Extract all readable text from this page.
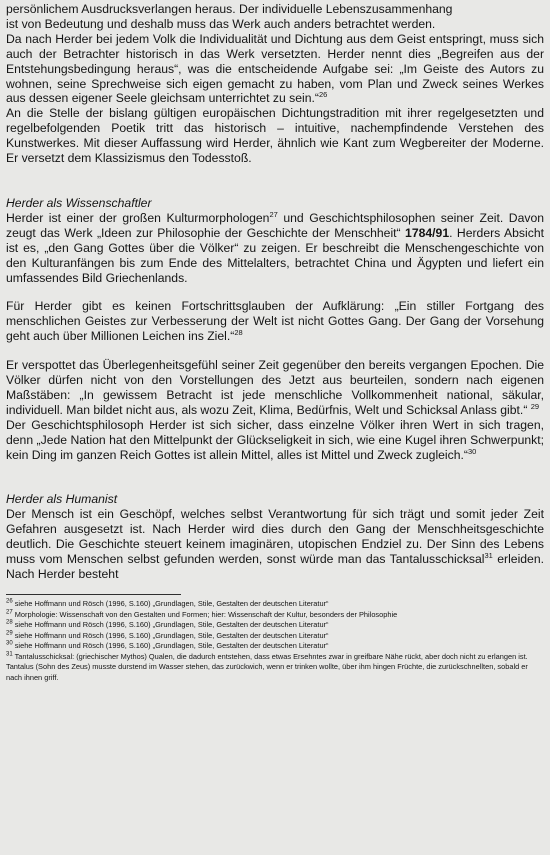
persönlichem Ausdrucksverlangen heraus. Der individuelle Lebenszusammenhang
ist von Bedeutung und deshalb muss das Werk auch anders betrachtet werden.

Da nach Herder bei jedem Volk die Individualität und Dichtung aus dem Geist entspringt, muss sich auch der Betrachter historisch in das Werk versetzten. Herder nennt dies „Begreifen aus der Entstehungsbedingung heraus“, was die entscheidende Aufgabe sei: „Im Geiste des Autors zu wohnen, seine Sprechweise sich eigen gemacht zu haben, vom Plan und Zweck seines Werkes aus dessen eigener Seele gleichsam unterrichtet zu sein.“$^{26}$

An die Stelle der bislang gültigen europäischen Dichtungstradition mit ihrer regelgesetzten und regelbefolgenden Poetik tritt das historisch – intuitive, nachempfindende Verstehen des Kunstwerkes. Mit dieser Auffassung wird Herder, ähnlich wie Kant zum Wegbereiter der Moderne. Er versetzt dem Klassizismus den Todesstoß.

Herder als Wissenschaftler

Herder ist einer der großen Kulturmorphologen$^{27}$ und Geschichtsphilosophen seiner Zeit. Davon zeugt das Werk „Ideen zur Philosophie der Geschichte der Menschheit“ 1784/91. Herders Absicht ist es, „den Gang Gottes über die Völker“ zu zeigen. Er beschreibt die Menschengeschichte von den Kulturanfängen bis zum Ende des Mittelalters, betrachtet China und Ägypten und liefert ein umfassendes Bild Griechenlands.

Für Herder gibt es keinen Fortschrittsglauben der Aufklärung: „Ein stiller Fortgang des menschlichen Geistes zur Verbesserung der Welt ist nicht Gottes Gang. Der Gang der Vorsehung geht auch über Millionen Leichen ins Ziel.“$^{28}$

Er verspottet das Überlegenheitsgefühl seiner Zeit gegenüber den bereits vergangen Epochen. Die Völker dürfen nicht von den Vorstellungen des Jetzt aus beurteilen, sondern nach eigenen Maßstäben: „In gewissem Betracht ist jede menschliche Vollkommenheit national, säkular, individuell. Man bildet nicht aus, als wozu Zeit, Klima, Bedürfnis, Welt und Schicksal Anlass gibt.“ $^{29}$

Der Geschichtsphilosoph Herder ist sich sicher, dass einzelne Völker ihren Wert in sich tragen, denn „Jede Nation hat den Mittelpunkt der Glückseligkeit in sich, wie eine Kugel ihren Schwerpunkt; kein Ding im ganzen Reich Gottes ist allein Mittel, alles ist Mittel und Zweck zugleich.“$^{30}$

Herder als Humanist

Der Mensch ist ein Geschöpf, welches selbst Verantwortung für sich trägt und somit jeder Zeit Gefahren ausgesetzt ist. Nach Herder wird dies durch den Gang der Menschheitsgeschichte deutlich. Die Geschichte steuert keinem imaginären, utopischen Endziel zu. Der Sinn des Lebens muss vom Menschen selbst gefunden werden, sonst würde man das Tantalusschicksal$^{31}$ erleiden. Nach Herder besteht

$^{26}$ siehe Hoffmann und Rösch (1996, S.160) „Grundlagen, Stile, Gestalten der deutschen Literatur“

$^{27}$ Morphologie: Wissenschaft von den Gestalten und Formen; hier: Wissenschaft der Kultur, besonders der Philosophie

$^{28}$ siehe Hoffmann und Rösch (1996, S.160) „Grundlagen, Stile, Gestalten der deutschen Literatur“

$^{29}$ siehe Hoffmann und Rösch (1996, S.160) „Grundlagen, Stile, Gestalten der deutschen Literatur“

$^{30}$ siehe Hoffmann und Rösch (1996, S.160) „Grundlagen, Stile, Gestalten der deutschen Literatur“

$^{31}$ Tantalusschicksal: (griechischer Mythos) Qualen, die dadurch entstehen, dass etwas Ersehntes zwar in greifbare Nähe rückt, aber doch nicht zu erlangen ist. Tantalus (Sohn des Zeus) musste durstend im Wasser stehen, das zurückwich, wenn er trinken wollte, über ihm hingen Früchte, die zurückschnellten, sobald er nach ihnen griff.
